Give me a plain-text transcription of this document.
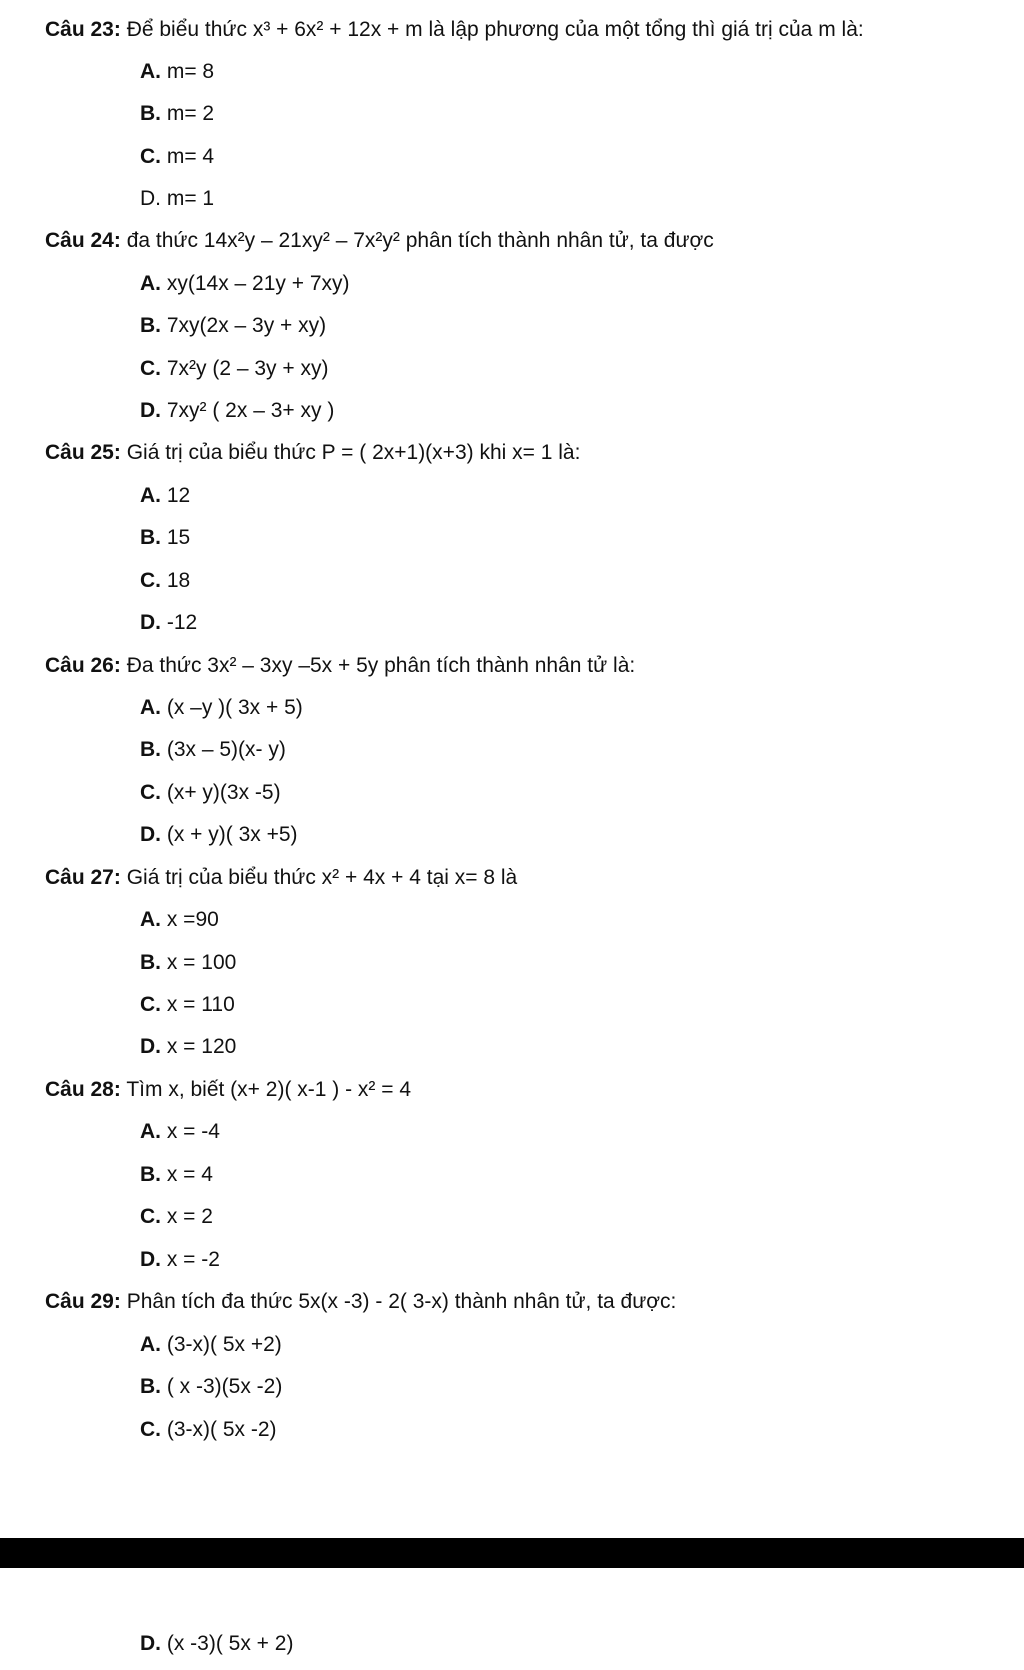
Câu 23: Để biểu thức x³ + 6x² + 12x + m là lập phương của một tổng thì giá trị của m là:
A. m= 8
B. m= 2
C. m= 4
D. m= 1
Câu 24: đa thức 14x²y – 21xy² – 7x²y² phân tích thành nhân tử, ta được
A. xy(14x – 21y + 7xy)
B. 7xy(2x – 3y + xy)
C. 7x²y (2 – 3y + xy)
D. 7xy² ( 2x – 3+ xy )
Câu 25: Giá trị của biểu thức P = ( 2x+1)(x+3) khi x= 1 là:
A. 12
B. 15
C. 18
D. -12
Câu 26: Đa thức 3x² – 3xy –5x + 5y phân tích thành nhân tử là:
A. (x –y )( 3x + 5)
B. (3x – 5)(x- y)
C. (x+ y)(3x -5)
D. (x + y)( 3x +5)
Câu 27: Giá trị của biểu thức x² + 4x + 4 tại x= 8 là
A. x =90
B. x = 100
C. x = 110
D. x = 120
Câu 28: Tìm x, biết (x+ 2)( x-1 ) - x² = 4
A. x = -4
B. x = 4
C. x = 2
D. x = -2
Câu 29: Phân tích đa thức 5x(x -3) - 2( 3-x) thành nhân tử, ta được:
A. (3-x)( 5x +2)
B. ( x -3)(5x -2)
C. (3-x)( 5x -2)
D. (x -3)( 5x + 2)
